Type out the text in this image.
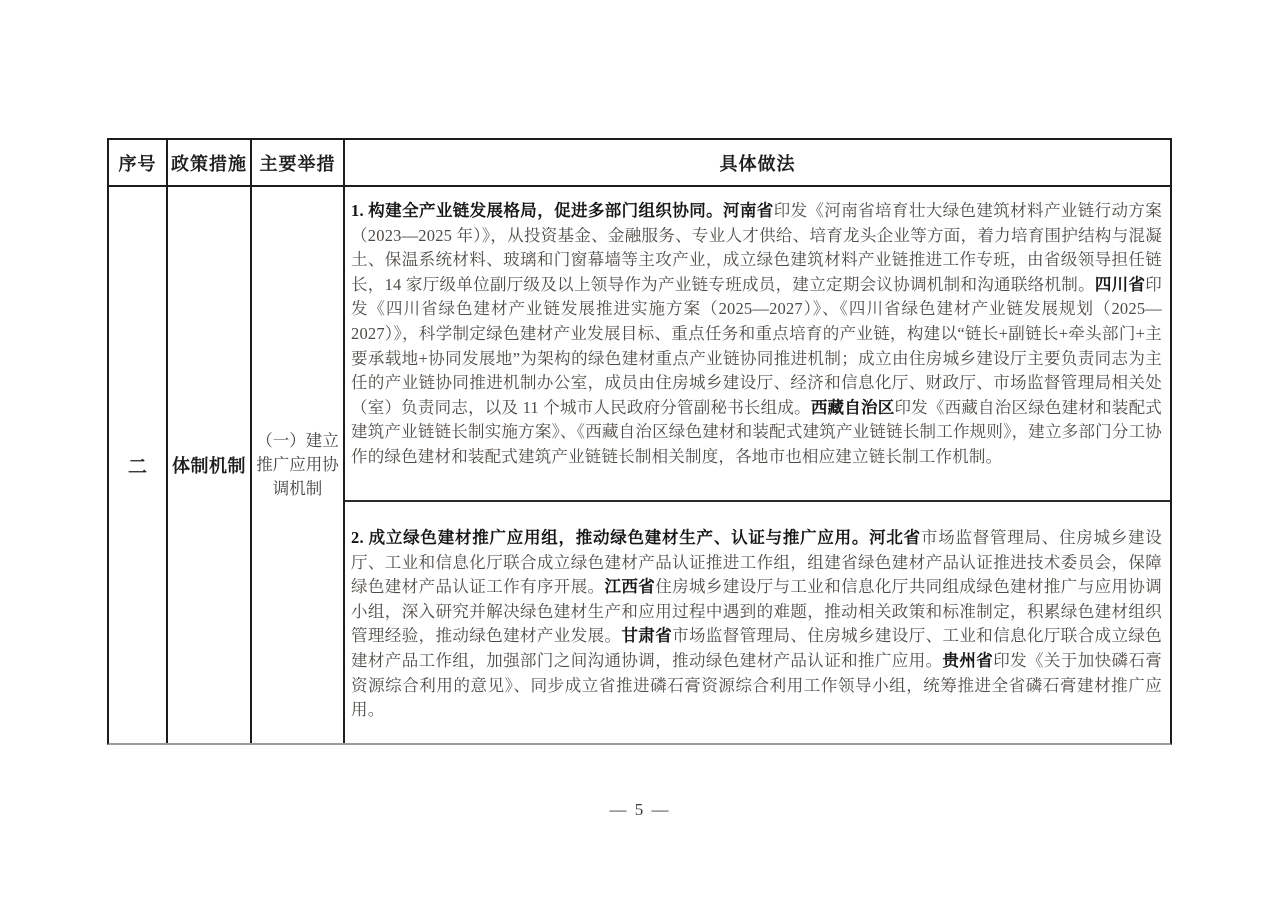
序号 政策措施 主要举措	具体做法
二 体制机制
（一）建立推广应用协调机制
1. 构建全产业链发展格局，促进多部门组织协同。河南省印发《河南省培育壮大绿色建筑材料产业链行动方案（2023—2025 年）》，从投资基金、金融服务、专业人才供给、培育龙头企业等方面，着力培育围护结构与混凝土、保温系统材料、玻璃和门窗幕墙等主攻产业，成立绿色建筑材料产业链推进工作专班，由省级领导担任链长，14 家厅级单位副厅级及以上领导作为产业链专班成员，建立定期会议协调机制和沟通联络机制。四川省印发《四川省绿色建材产业链发展推进实施方案（2025—2027）》、《四川省绿色建材产业链发展规划（2025—2027）》，科学制定绿色建材产业发展目标、重点任务和重点培育的产业链，构建以“链长+副链长+牵头部门+主要承载地+协同发展地”为架构的绿色建材重点产业链协同推进机制；成立由住房城乡建设厅主要负责同志为主任的产业链协同推进机制办公室，成员由住房城乡建设厅、经济和信息化厅、财政厅、市场监督管理局相关处（室）负责同志，以及 11 个城市人民政府分管副秘书长组成。西藏自治区印发《西藏自治区绿色建材和装配式建筑产业链链长制实施方案》、《西藏自治区绿色建材和装配式建筑产业链链长制工作规则》，建立多部门分工协作的绿色建材和装配式建筑产业链链长制相关制度，各地市也相应建立链长制工作机制。
2. 成立绿色建材推广应用组，推动绿色建材生产、认证与推广应用。河北省市场监督管理局、住房城乡建设厅、工业和信息化厅联合成立绿色建材产品认证推进工作组，组建省绿色建材产品认证推进技术委员会，保障绿色建材产品认证工作有序开展。江西省住房城乡建设厅与工业和信息化厅共同组成绿色建材推广与应用协调小组，深入研究并解决绿色建材生产和应用过程中遇到的难题，推动相关政策和标准制定，积累绿色建材组织管理经验，推动绿色建材产业发展。甘肃省市场监督管理局、住房城乡建设厅、工业和信息化厅联合成立绿色建材产品工作组，加强部门之间沟通协调，推动绿色建材产品认证和推广应用。贵州省印发《关于加快磷石膏资源综合利用的意见》、同步成立省推进磷石膏资源综合利用工作领导小组，统筹推进全省磷石膏建材推广应用。
— 5 —
